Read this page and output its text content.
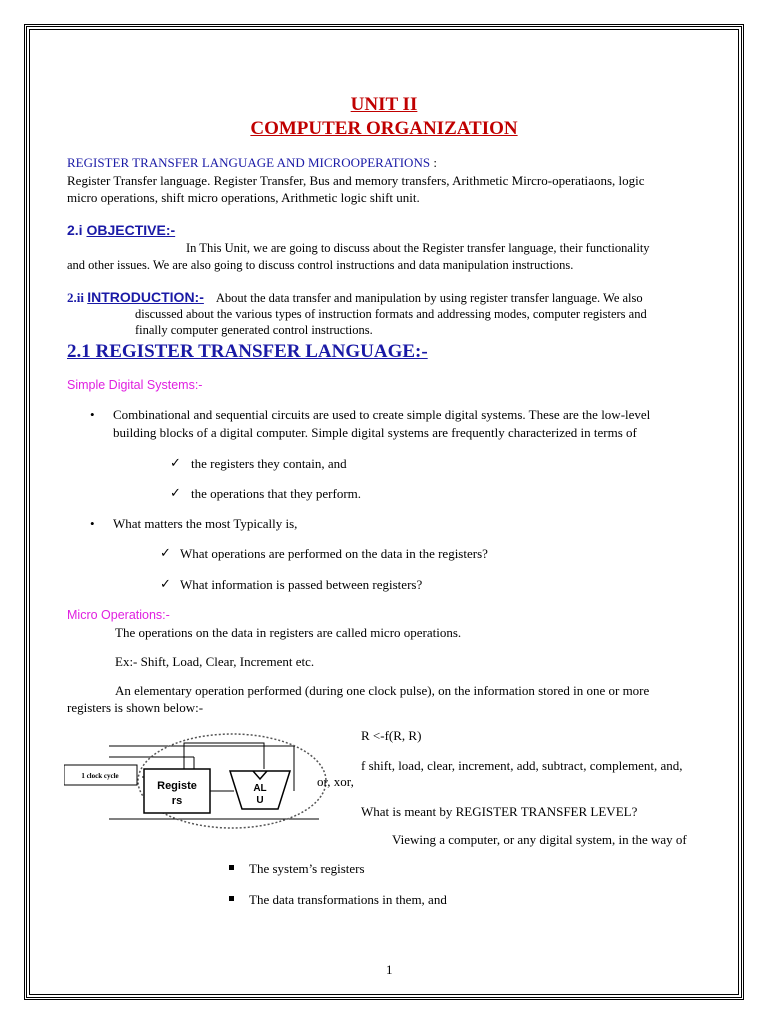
UNIT II
COMPUTER ORGANIZATION
REGISTER TRANSFER LANGUAGE AND MICROOPERATIONS :
Register Transfer language. Register Transfer, Bus and memory transfers, Arithmetic Mircro-operatiaons, logic
micro operations, shift micro operations, Arithmetic logic shift unit.
2.i OBJECTIVE:-
In This Unit, we are going to discuss about the Register transfer language, their functionality
and other issues. We are also going to discuss control instructions and data manipulation instructions.
2.ii INTRODUCTION:- About the data transfer and manipulation by using register transfer language. We also
discussed about the various types of instruction formats and addressing modes, computer registers and
finally computer generated control instructions.
2.1 REGISTER TRANSFER LANGUAGE:-
Simple Digital Systems:-
• Combinational and sequential circuits are used to create simple digital systems. These are the low-level
building blocks of a digital computer. Simple digital systems are frequently characterized in terms of
✓ the registers they contain, and
✓ the operations that they perform.
• What matters the most Typically is,
✓ What operations are performed on the data in the registers?
✓ What information is passed between registers?
Micro Operations:-
The operations on the data in registers are called micro operations.
Ex:- Shift, Load, Clear, Increment etc.
An elementary operation performed (during one clock pulse), on the information stored in one or more
registers is shown below:-
1 clock cycle
Registe
rs
AL
U
R <-f(R, R)
f shift, load, clear, increment, add, subtract, complement, and,
or, xor,
What is meant by REGISTER TRANSFER LEVEL?
Viewing a computer, or any digital system, in the way of
The system’s registers
The data transformations in them, and
1
